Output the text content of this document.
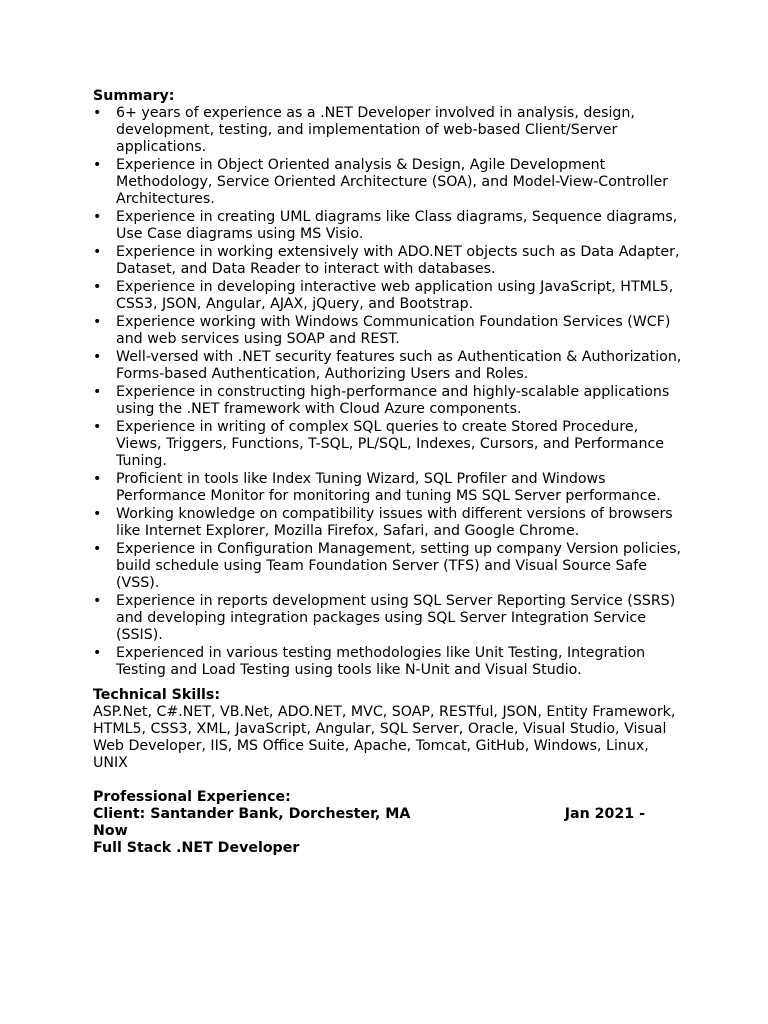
Summary:
• 6+ years of experience as a .NET Developer involved in analysis, design, development, testing, and implementation of web-based Client/Server applications.
• Experience in Object Oriented analysis & Design, Agile Development Methodology, Service Oriented Architecture (SOA), and Model-View-Controller Architectures.
• Experience in creating UML diagrams like Class diagrams, Sequence diagrams, Use Case diagrams using MS Visio.
• Experience in working extensively with ADO.NET objects such as Data Adapter, Dataset, and Data Reader to interact with databases.
• Experience in developing interactive web application using JavaScript, HTML5, CSS3, JSON, Angular, AJAX, jQuery, and Bootstrap.
• Experience working with Windows Communication Foundation Services (WCF) and web services using SOAP and REST.
• Well-versed with .NET security features such as Authentication & Authorization, Forms-based Authentication, Authorizing Users and Roles.
• Experience in constructing high-performance and highly-scalable applications using the .NET framework with Cloud Azure components.
• Experience in writing of complex SQL queries to create Stored Procedure, Views, Triggers, Functions, T-SQL, PL/SQL, Indexes, Cursors, and Performance Tuning.
• Proficient in tools like Index Tuning Wizard, SQL Profiler and Windows Performance Monitor for monitoring and tuning MS SQL Server performance.
• Working knowledge on compatibility issues with different versions of browsers like Internet Explorer, Mozilla Firefox, Safari, and Google Chrome.
• Experience in Configuration Management, setting up company Version policies, build schedule using Team Foundation Server (TFS) and Visual Source Safe (VSS).
• Experience in reports development using SQL Server Reporting Service (SSRS) and developing integration packages using SQL Server Integration Service (SSIS).
• Experienced in various testing methodologies like Unit Testing, Integration Testing and Load Testing using tools like N-Unit and Visual Studio.
Technical Skills:

ASP.Net, C#.NET, VB.Net, ADO.NET, MVC, SOAP, RESTful, JSON, Entity Framework, HTML5, CSS3, XML, JavaScript, Angular, SQL Server, Oracle, Visual Studio, Visual Web Developer, IIS, MS Office Suite, Apache, Tomcat, GitHub, Windows, Linux, UNIX

Professional Experience:
Client: Santander Bank, Dorchester, MA	Jan 2021 -
Now
Full Stack .NET Developer
